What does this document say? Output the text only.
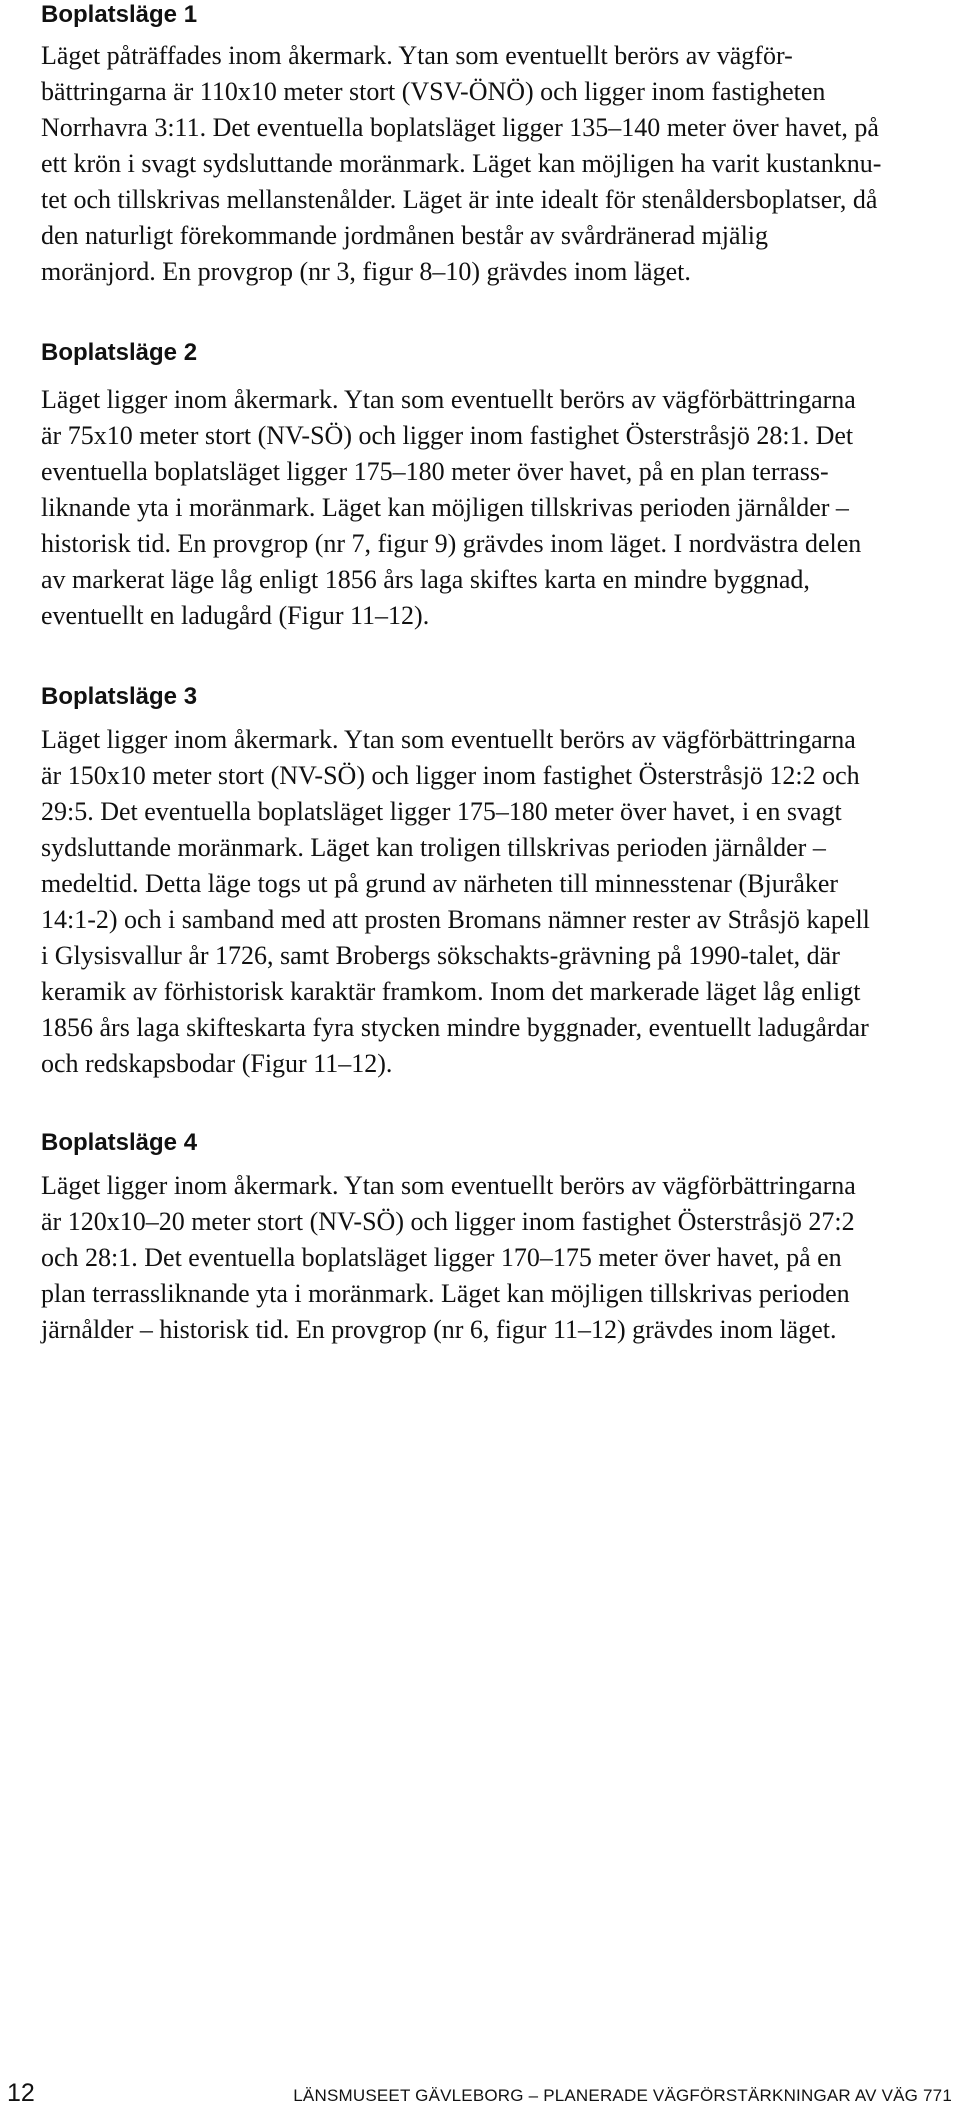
Boplatsläge 1

Läget påträffades inom åkermark. Ytan som eventuellt berörs av vägför-
bättringarna är 110x10 meter stort (VSV-ÖNÖ) och ligger inom fastigheten
Norrhavra 3:11. Det eventuella boplatsläget ligger 135–140 meter över havet, på
ett krön i svagt sydsluttande moränmark. Läget kan möjligen ha varit kustanknu-
tet och tillskrivas mellanstenålder. Läget är inte idealt för stenåldersboplatser, då
den naturligt förekommande jordmånen består av svårdränerad mjälig
moränjord. En provgrop (nr 3, figur 8–10) grävdes inom läget.

Boplatsläge 2

Läget ligger inom åkermark. Ytan som eventuellt berörs av vägförbättringarna
är 75x10 meter stort (NV-SÖ) och ligger inom fastighet Österstråsjö 28:1. Det
eventuella boplatsläget ligger 175–180 meter över havet, på en plan terrass-
liknande yta i moränmark. Läget kan möjligen tillskrivas perioden järnålder –
historisk tid. En provgrop (nr 7, figur 9) grävdes inom läget. I nordvästra delen
av markerat läge låg enligt 1856 års laga skiftes karta en mindre byggnad,
eventuellt en ladugård (Figur 11–12).

Boplatsläge 3

Läget ligger inom åkermark. Ytan som eventuellt berörs av vägförbättringarna
är 150x10 meter stort (NV-SÖ) och ligger inom fastighet Österstråsjö 12:2 och
29:5. Det eventuella boplatsläget ligger 175–180 meter över havet, i en svagt
sydsluttande moränmark. Läget kan troligen tillskrivas perioden järnålder –
medeltid. Detta läge togs ut på grund av närheten till minnesstenar (Bjuråker
14:1-2) och i samband med att prosten Bromans nämner rester av Stråsjö kapell
i Glysisvallur år 1726, samt Brobergs sökschakts-grävning på 1990-talet, där
keramik av förhistorisk karaktär framkom. Inom det markerade läget låg enligt
1856 års laga skifteskarta fyra stycken mindre byggnader, eventuellt ladugårdar
och redskapsbodar (Figur 11–12).

Boplatsläge 4

Läget ligger inom åkermark. Ytan som eventuellt berörs av vägförbättringarna
är 120x10–20 meter stort (NV-SÖ) och ligger inom fastighet Österstråsjö 27:2
och 28:1. Det eventuella boplatsläget ligger 170–175 meter över havet, på en
plan terrassliknande yta i moränmark. Läget kan möjligen tillskrivas perioden
järnålder – historisk tid. En provgrop (nr 6, figur 11–12) grävdes inom läget.

12	LÄNSMUSEET GÄVLEBORG – PLANERADE VÄGFÖRSTÄRKNINGAR AV VÄG 771
